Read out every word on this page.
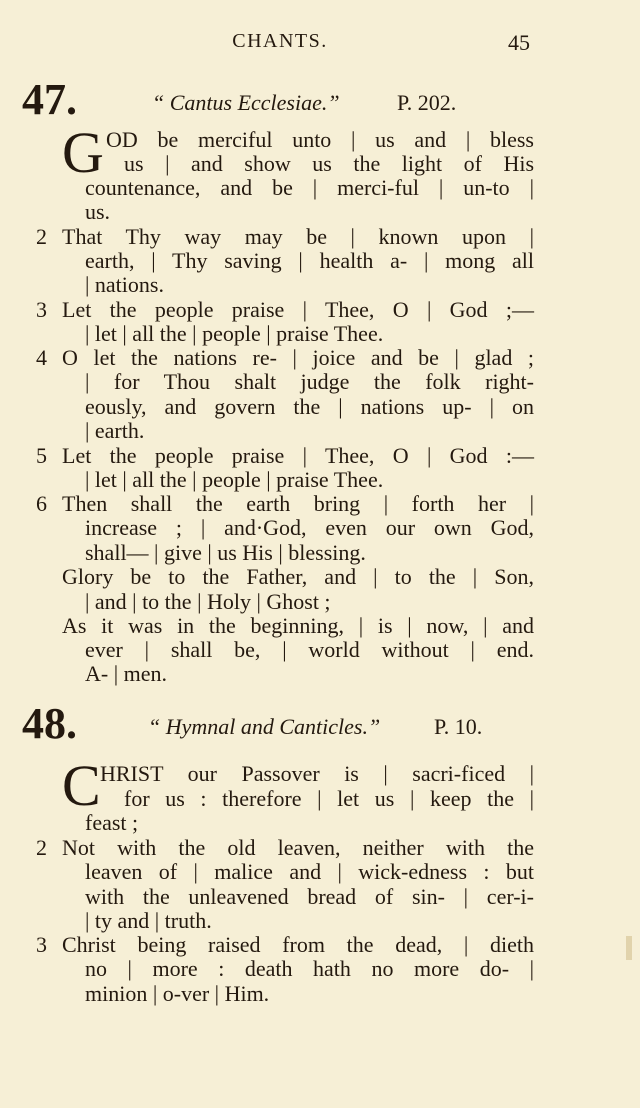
CHANTS.	45
47.	“ Cantus Ecclesiae.”	P. 202.
G OD be merciful unto | us and | bless
us | and show us the light of His
countenance, and be | merci-ful | un-to |
us.
2 That Thy way may be | known upon |
earth, | Thy saving | health a- | mong all
| nations.
3 Let the people praise | Thee, O | God ;—
| let | all the | people | praise Thee.
4 O let the nations re- | joice and be | glad ;
| for Thou shalt judge the folk right-
eously, and govern the | nations up- | on
| earth.
5 Let the people praise | Thee, O | God :—
| let | all the | people | praise Thee.
6 Then shall the earth bring | forth her |
increase ; | and·God, even our own God,
shall— | give | us His | blessing.
Glory be to the Father, and | to the | Son,
| and | to the | Holy | Ghost ;
As it was in the beginning, | is | now, | and
ever | shall be, | world without | end.
A- | men.
48.	“ Hymnal and Canticles.” P. 10.
C HRIST our Passover is | sacri-ficed |
for us : therefore | let us | keep the |
feast ;
2 Not with the old leaven, neither with the
leaven of | malice and | wick-edness : but
with the unleavened bread of sin- | cer-i-
| ty and | truth.
3 Christ being raised from the dead, | dieth
no | more : death hath no more do- |
minion | o-ver | Him.
